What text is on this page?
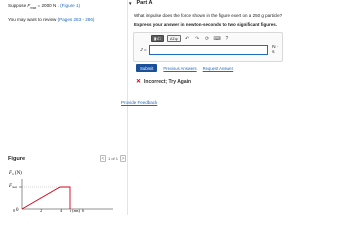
Suppose $F_{max} = 2000$ N . (Figure 1)
You may want to review (Pages 283 - 286)
Figure	< 1 of 1 >
$F_x$ (N)
$F_{max}$
0	t (ms)
0	2	4	6
▼ Part A
What impulse does the force shown in the figure exert on a 250 g particle?
Express your answer in newton-seconds to two significant figures.
▮√□	AΣφ	↶ ↷ ⟳ ⌨ ?
J =	N · s
Submit	Previous Answers Request Answer
✕ Incorrect; Try Again
Provide Feedback
